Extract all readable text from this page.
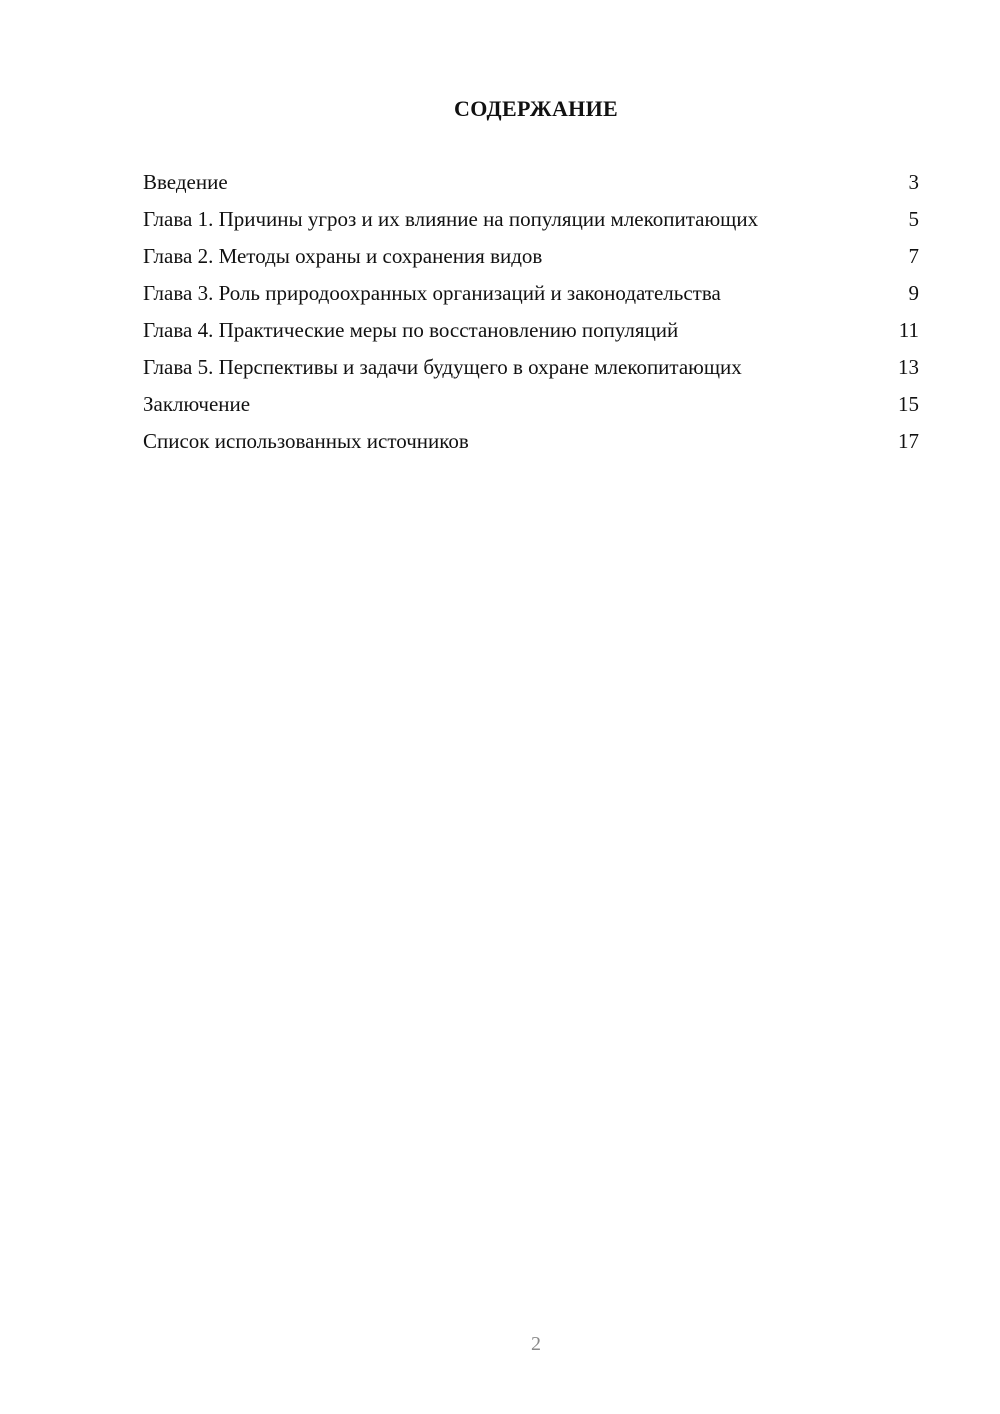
СОДЕРЖАНИЕ
Введение	3
Глава 1. Причины угроз и их влияние на популяции млекопитающих	5
Глава 2. Методы охраны и сохранения видов	7
Глава 3. Роль природоохранных организаций и законодательства	9
Глава 4. Практические меры по восстановлению популяций	11
Глава 5. Перспективы и задачи будущего в охране млекопитающих	13
Заключение	15
Список использованных источников	17
2
